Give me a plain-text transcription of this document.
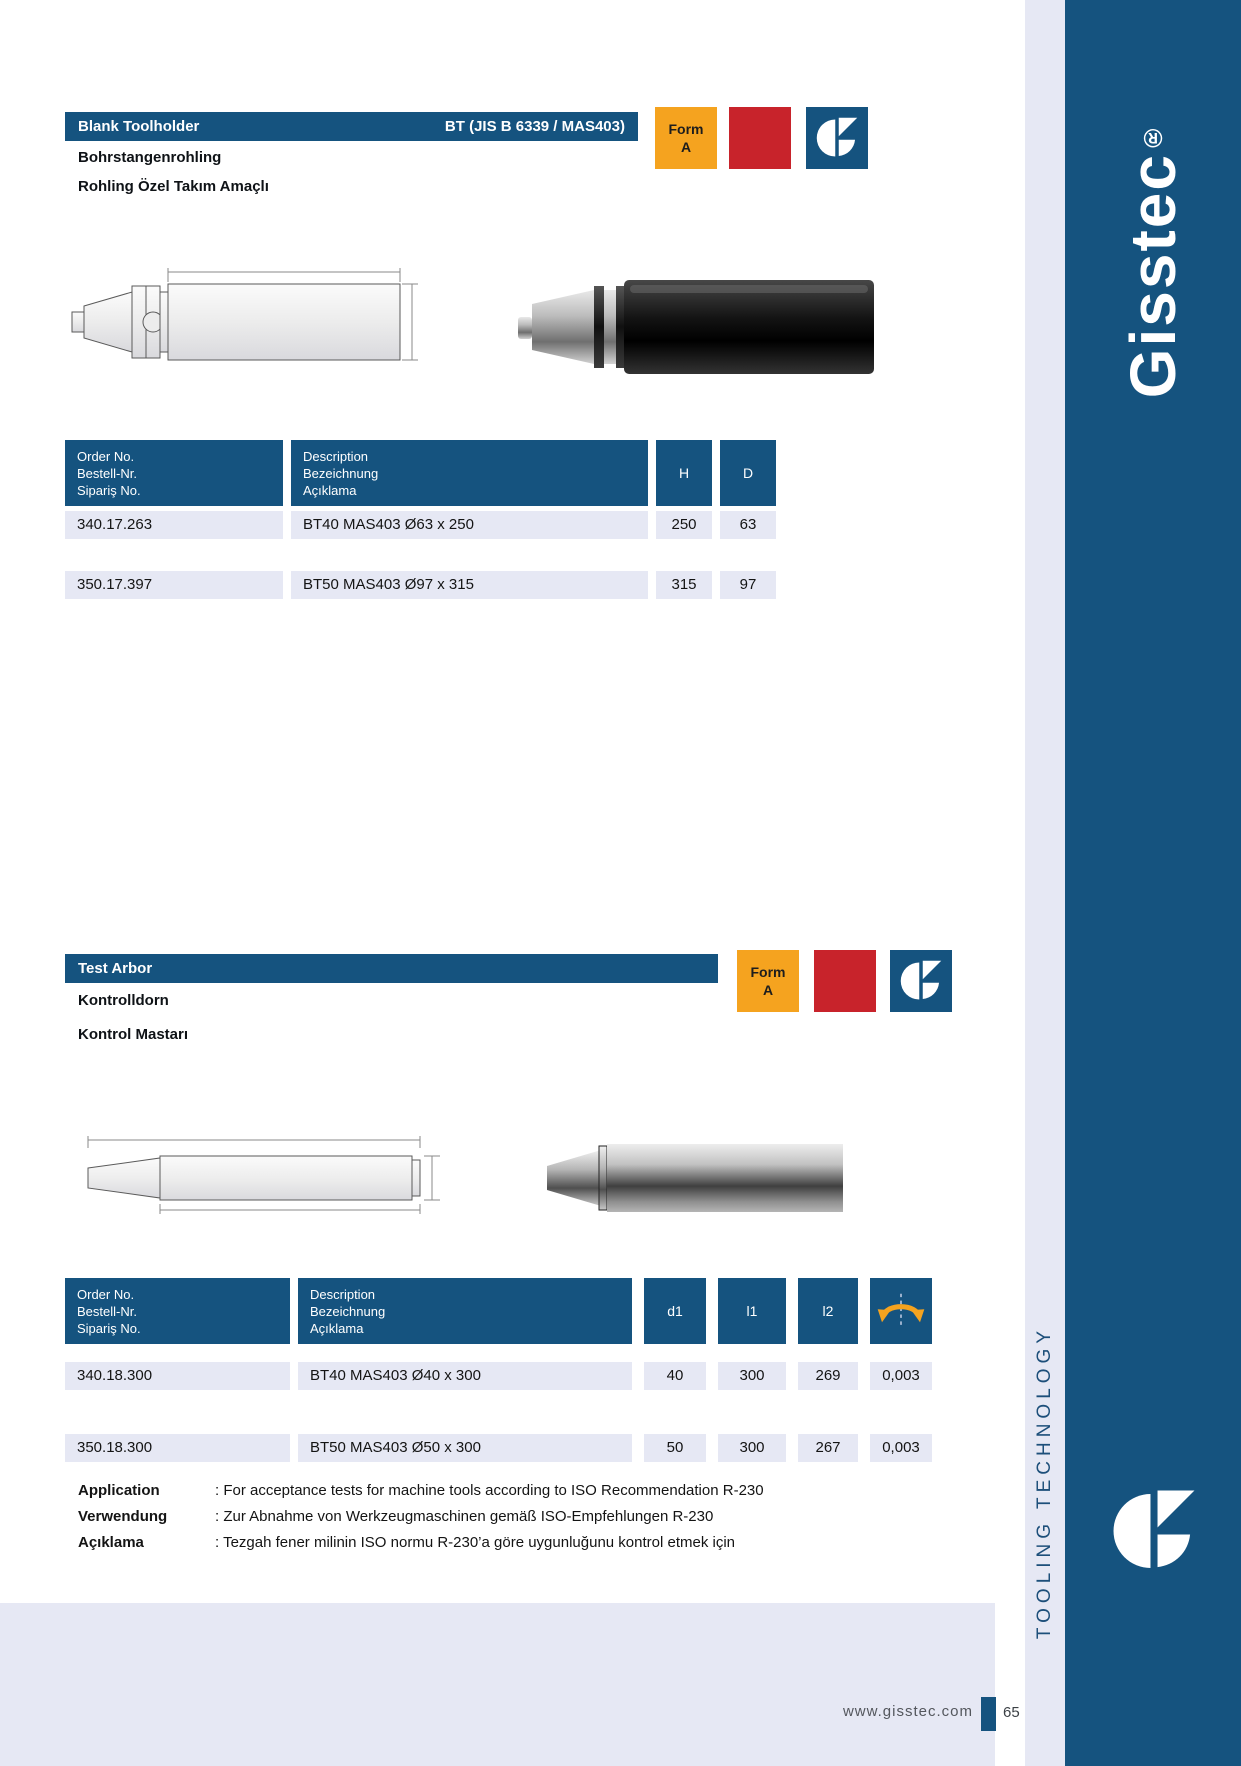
Blank Toolholder	BT (JIS B 6339 / MAS403)	Form
A
Bohrstangenrohling
Rohling Özel Takım Amaçlı
Order No.
Bestell-Nr.
Sipariş No.
Description
Bezeichnung
Açıklama
H	D
340.17.263	BT40 MAS403 Ø63 x 250	250	63
350.17.397	BT50 MAS403 Ø97 x 315	315	97
Test Arbor	Form
A
Kontrolldorn
Kontrol Mastarı
Order No.
Bestell-Nr.
Sipariş No.
Description
Bezeichnung
Açıklama
d1	l1	l2
340.18.300	BT40 MAS403 Ø40 x 300	40	300	269	0,003
350.18.300	BT50 MAS403 Ø50 x 300	50	300	267	0,003
Application	: For acceptance tests for machine tools according to ISO Recommendation R-230
Verwendung	: Zur Abnahme von Werkzeugmaschinen gemäß ISO-Empfehlungen R-230
Açıklama	: Tezgah fener milinin ISO normu R-230’a göre uygunluğunu kontrol etmek için
www.gisstec.com 65
TOOLING TECHNOLOGY
Gisstec®
